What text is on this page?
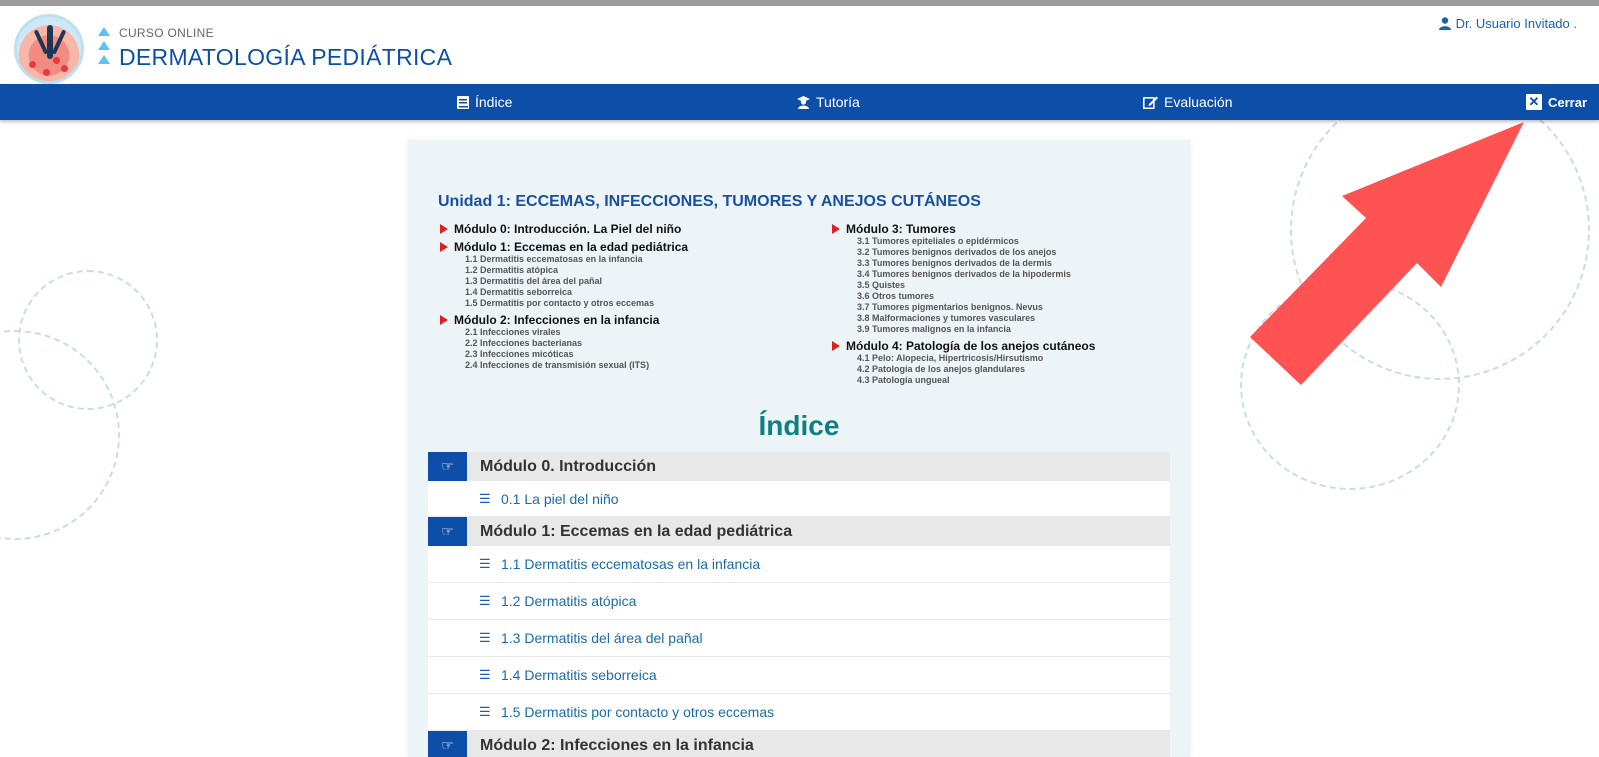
CURSO ONLINE
DERMATOLOGÍA PEDIÁTRICA
Dr. Usuario Invitado .
Índice	Tutoría	Evaluación	✕ Cerrar
Unidad 1: ECCEMAS, INFECCIONES, TUMORES Y ANEJOS CUTÁNEOS
Módulo 0: Introducción. La Piel del niño
Módulo 1: Eccemas en la edad pediátrica
1.1 Dermatitis eccematosas en la infancia
1.2 Dermatitis atópica
1.3 Dermatitis del área del pañal
1.4 Dermatitis seborreica
1.5 Dermatitis por contacto y otros eccemas
Módulo 2: Infecciones en la infancia
2.1 Infecciones virales
2.2 Infecciones bacterianas
2.3 Infecciones micóticas
2.4 Infecciones de transmisión sexual (ITS)
Módulo 3: Tumores
3.1 Tumores epiteliales o epidérmicos
3.2 Tumores benignos derivados de los anejos
3.3 Tumores benignos derivados de la dermis
3.4 Tumores benignos derivados de la hipodermis
3.5 Quistes
3.6 Otros tumores
3.7 Tumores pigmentarios benignos. Nevus
3.8 Malformaciones y tumores vasculares
3.9 Tumores malignos en la infancia
Módulo 4: Patología de los anejos cutáneos
4.1 Pelo: Alopecia, Hipertricosis/Hirsutismo
4.2 Patología de los anejos glandulares
4.3 Patología ungueal
Índice
☞	Módulo 0. Introducción
☰ 0.1 La piel del niño
☞	Módulo 1: Eccemas en la edad pediátrica
☰ 1.1 Dermatitis eccematosas en la infancia
☰ 1.2 Dermatitis atópica
☰ 1.3 Dermatitis del área del pañal
☰ 1.4 Dermatitis seborreica
☰ 1.5 Dermatitis por contacto y otros eccemas
☞	Módulo 2: Infecciones en la infancia
